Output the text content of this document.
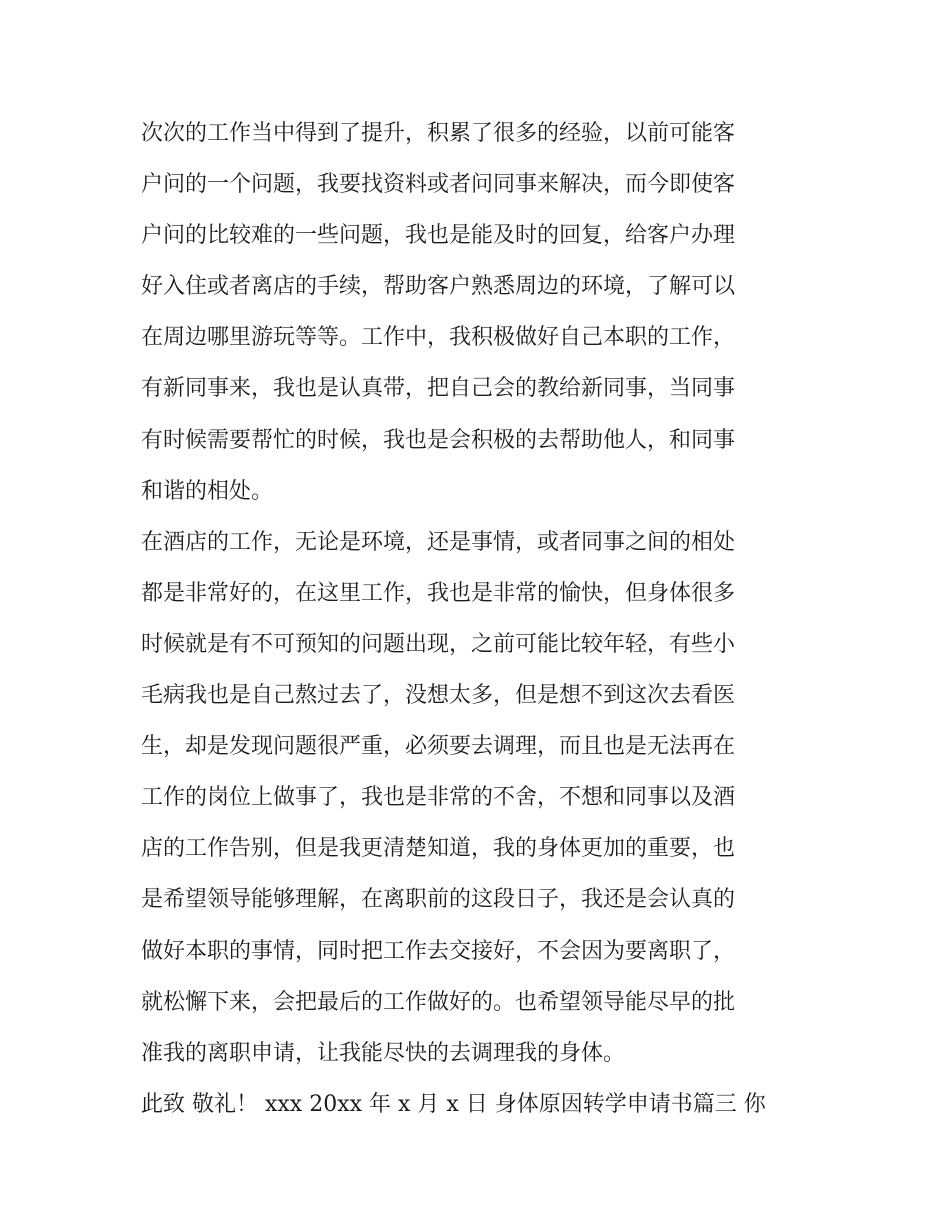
次次的工作当中得到了提升，积累了很多的经验，以前可能客
户问的一个问题，我要找资料或者问同事来解决，而今即使客
户问的比较难的一些问题，我也是能及时的回复，给客户办理
好入住或者离店的手续，帮助客户熟悉周边的环境，了解可以
在周边哪里游玩等等。工作中，我积极做好自己本职的工作，
有新同事来，我也是认真带，把自己会的教给新同事，当同事
有时候需要帮忙的时候，我也是会积极的去帮助他人，和同事
和谐的相处。
在酒店的工作，无论是环境，还是事情，或者同事之间的相处
都是非常好的，在这里工作，我也是非常的愉快，但身体很多
时候就是有不可预知的问题出现，之前可能比较年轻，有些小
毛病我也是自己熬过去了，没想太多，但是想不到这次去看医
生，却是发现问题很严重，必须要去调理，而且也是无法再在
工作的岗位上做事了，我也是非常的不舍，不想和同事以及酒
店的工作告别，但是我更清楚知道，我的身体更加的重要，也
是希望领导能够理解，在离职前的这段日子，我还是会认真的
做好本职的事情，同时把工作去交接好，不会因为要离职了，
就松懈下来，会把最后的工作做好的。也希望领导能尽早的批
准我的离职申请，让我能尽快的去调理我的身体。
此致 敬礼！ xxx 20xx 年 x 月 x 日 身体原因转学申请书篇三 你
